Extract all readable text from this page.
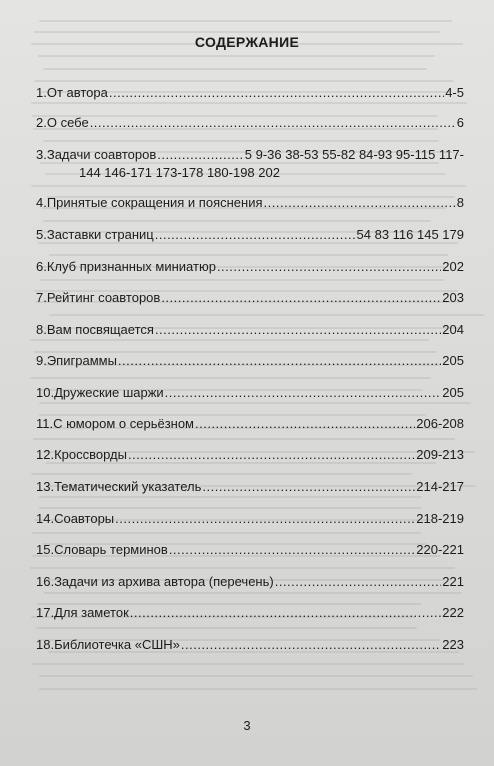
СОДЕРЖАНИЕ
1.От автора .....	4-5
2.О себе .....	6
3.Задачи соавторов .....	5 9-36 38-53 55-82 84-93 95-115 117-
144 146-171 173-178 180-198 202
4.Принятые сокращения и пояснения .....	8
5.Заставки страниц .....	54 83 116 145 179
6.Клуб признанных миниатюр .....	202
7.Рейтинг соавторов .....	203
8.Вам посвящается .....	204
9.Эпиграммы .....	205
10.Дружеские шаржи .....	205
11.С юмором о серьёзном .....	206-208
12.Кроссворды .....	209-213
13.Тематический указатель .....	214-217
14.Соавторы .....	218-219
15.Словарь терминов .....	220-221
16.Задачи из архива автора (перечень) .....	221
17.Для заметок .....	222
18.Библиотечка «СШН» .....	223
3
